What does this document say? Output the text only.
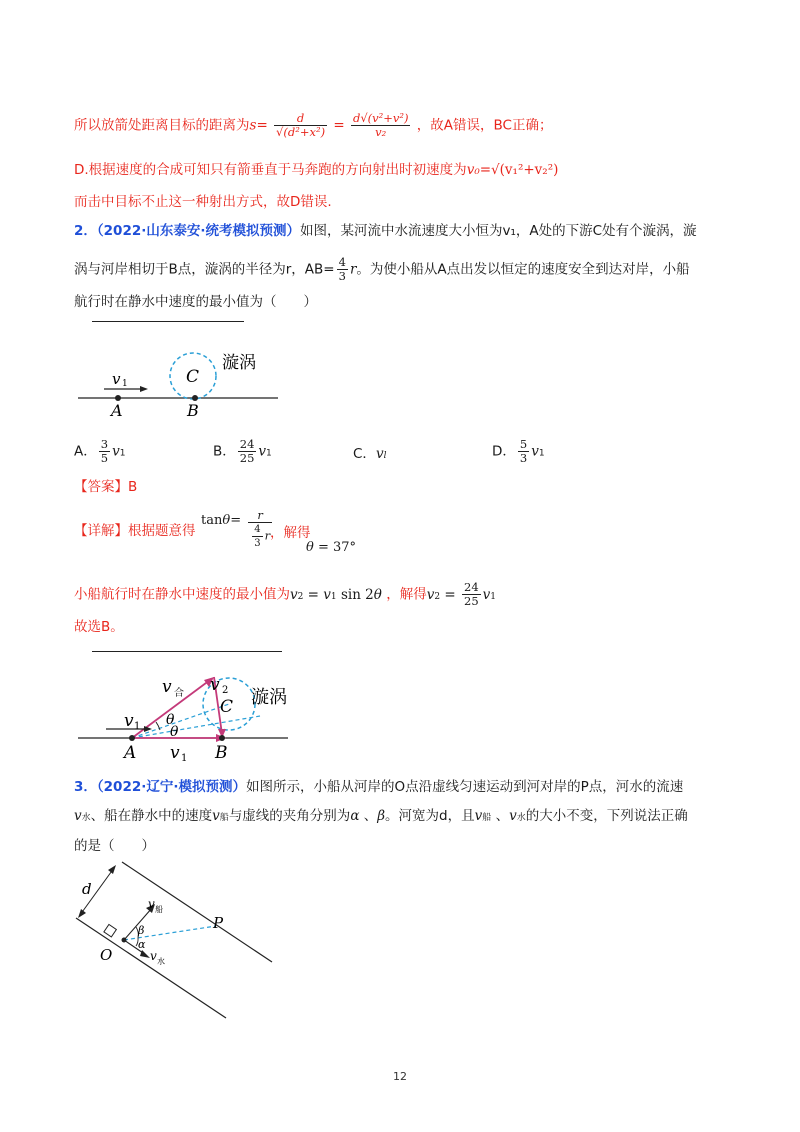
所以放箭处距离目标的距离为$s= \frac{d}{\text{√(d²+x²)}} = \frac{\text{d√(v²+v²)}}{\text{v₂}}$ ，故A错误，BC正确；
D.根据速度的合成可知只有箭垂直于马奔跑的方向射出时初速度为v₀=√(v₁²+v₂²)
而击中目标不止这一种射出方式，故D错误.
2．（2022·山东泰安·统考模拟预测）如图，某河流中水流速度大小恒为v₁，A处的下游C处有个漩涡，漩
涡与河岸相切于B点，漩涡的半径为r，$AB= \frac{4}{3}$ r。为使小船从A点出发以恒定的速度安全到达对岸，小船
航行时在静水中速度的最小值为（　　）
v 1	C
漩涡
A	B
A． $\frac{3}{5} v1$	B． $\frac{24}{25} v1$	C．vl	D． $\frac{5}{3} v1$
【答案】B
【详解】根据题意得
$\tan\theta= \frac{r}{\frac{4}{3} r}$
，解得
θ = 37°
小船航行时在静水中速度的最小值为v2 = v1 sin 2θ ，解得$v2 = \frac{24}{25} v1$
故选B。
v 合 v 2
C 漩涡
v 1 θ
θ
A v 1 B
3．（2022·辽宁·模拟预测）如图所示，小船从河岸的O点沿虚线匀速运动到河对岸的P点，河水的流速
v水、船在静水中的速度v船与虚线的夹角分别为α 、β。河宽为d，且v船 、v水的大小不变，下列说法正确
的是（　　）
d
P
O
v 船
v 水
β
α
12
